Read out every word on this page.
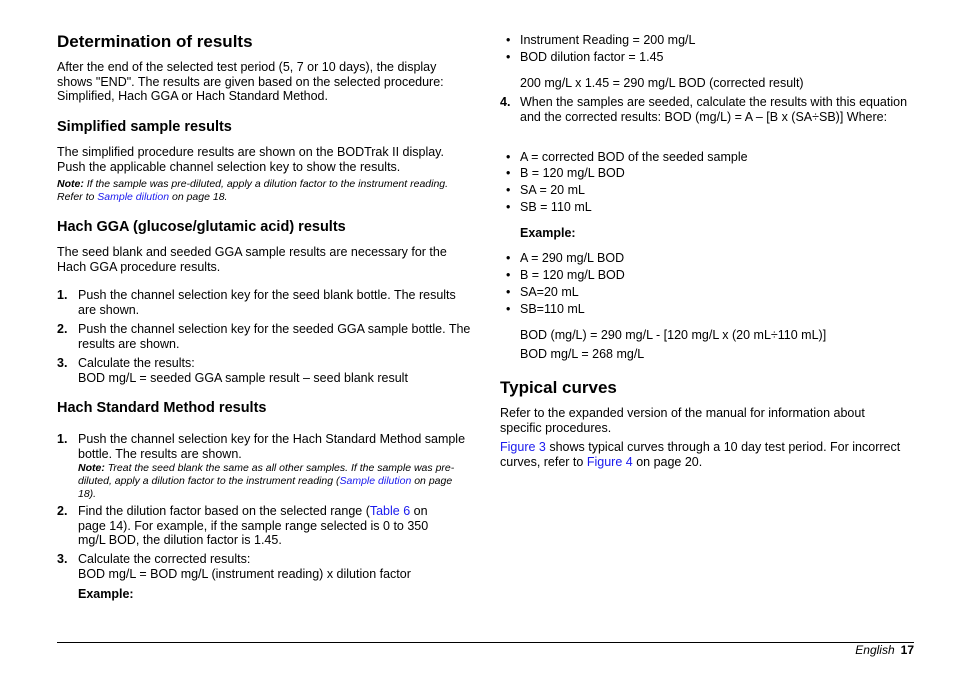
Determination of results

After the end of the selected test period (5, 7 or 10 days), the display shows "END". The results are given based on the selected procedure: Simplified, Hach GGA or Hach Standard Method.

Simplified sample results

The simplified procedure results are shown on the BODTrak II display. Push the applicable channel selection key to show the results.

Note: If the sample was pre-diluted, apply a dilution factor to the instrument reading. Refer to Sample dilution on page 18.

Hach GGA (glucose/glutamic acid) results

The seed blank and seeded GGA sample results are necessary for the Hach GGA procedure results.

1. Push the channel selection key for the seed blank bottle. The results are shown.

2. Push the channel selection key for the seeded GGA sample bottle. The results are shown.

3. Calculate the results:

BOD mg/L = seeded GGA sample result – seed blank result

Hach Standard Method results
1. Push the channel selection key for the Hach Standard Method sample bottle. The results are shown.

Note: Treat the seed blank the same as all other samples. If the sample was pre-diluted, apply a dilution factor to the instrument reading (Sample dilution on page 18).

2. Find the dilution factor based on the selected range (Table 6 on page 14). For example, if the sample range selected is 0 to 350 mg/L BOD, the dilution factor is 1.45.

3. Calculate the corrected results:

BOD mg/L = BOD mg/L (instrument reading) x dilution factor

Example:

• Instrument Reading = 200 mg/L
• BOD dilution factor = 1.45

200 mg/L x 1.45 = 290 mg/L BOD (corrected result)

4. When the samples are seeded, calculate the results with this equation and the corrected results: BOD (mg/L) = A – [B x (SA÷SB)] Where:

• A = corrected BOD of the seeded sample
• B = 120 mg/L BOD
• SA = 20 mL
• SB = 110 mL

Example:

• A = 290 mg/L BOD
• B = 120 mg/L BOD
• SA=20 mL
• SB=110 mL

BOD (mg/L) = 290 mg/L - [120 mg/L x (20 mL÷110 mL)]

BOD mg/L = 268 mg/L

Typical curves

Refer to the expanded version of the manual for information about specific procedures.

Figure 3 shows typical curves through a 10 day test period. For incorrect curves, refer to Figure 4 on page 20.

English 17
